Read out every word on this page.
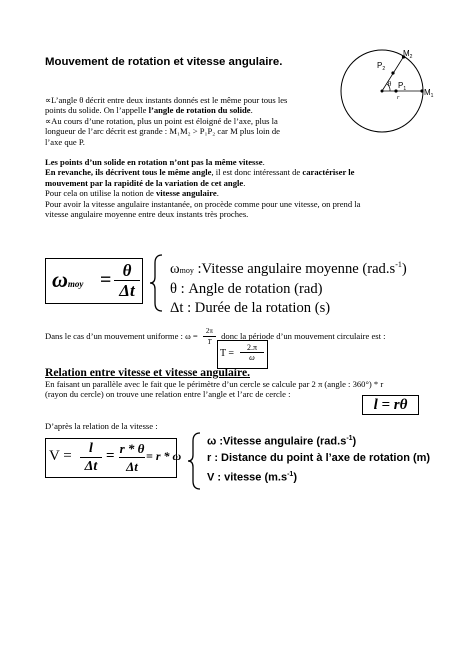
Mouvement de rotation et vitesse angulaire.
$M_2$
$P_2$
θ $P_1$ $M_1$
r
∝L’angle θ décrit entre deux instants donnés est le même pour tous les
points du solide. On l’appelle l’angle de rotation du solide.
∝Au cours d’une rotation, plus un point est éloigné de l’axe, plus la
longueur de l’arc décrit est grande : M₁M₂ > P₁P₂ car M plus loin de
l’axe que P.
Les points d’un solide en rotation n’ont pas la même vitesse.
En revanche, ils décrivent tous le même angle, il est donc intéressant de caractériser le
mouvement par la rapidité de la variation de cet angle.
Pour cela on utilise la notion de vitesse angulaire.
Pour avoir la vitesse angulaire instantanée, on procède comme pour une vitesse, on prend la
vitesse angulaire moyenne entre deux instants très proches.
ωmoy = θ
Δt
ωmoy :Vitesse angulaire moyenne $(rad.s^{-1})$
θ : Angle de rotation (rad)
Δt : Durée de la rotation (s)
Dans le cas d’un mouvement uniforme : $\omega = \frac{2\pi}{T}$ donc la période d’un mouvement circulaire est :
T =
2.π
ω
Relation entre vitesse et vitesse angulaire.
En faisant un parallèle avec le fait que le périmètre d’un cercle se calcule par 2 π (angle : 360°) * r
(rayon du cercle) on trouve une relation entre l’angle et l’arc de cercle :
l = rθ
D’après la relation de la vitesse :
V =	l
Δt
= r * θ
Δt
= r * ω
ω :Vitesse angulaire $(rad.s^{-1})$
r : Distance du point à l’axe de rotation (m)
V : vitesse $(m.s^{-1})$
